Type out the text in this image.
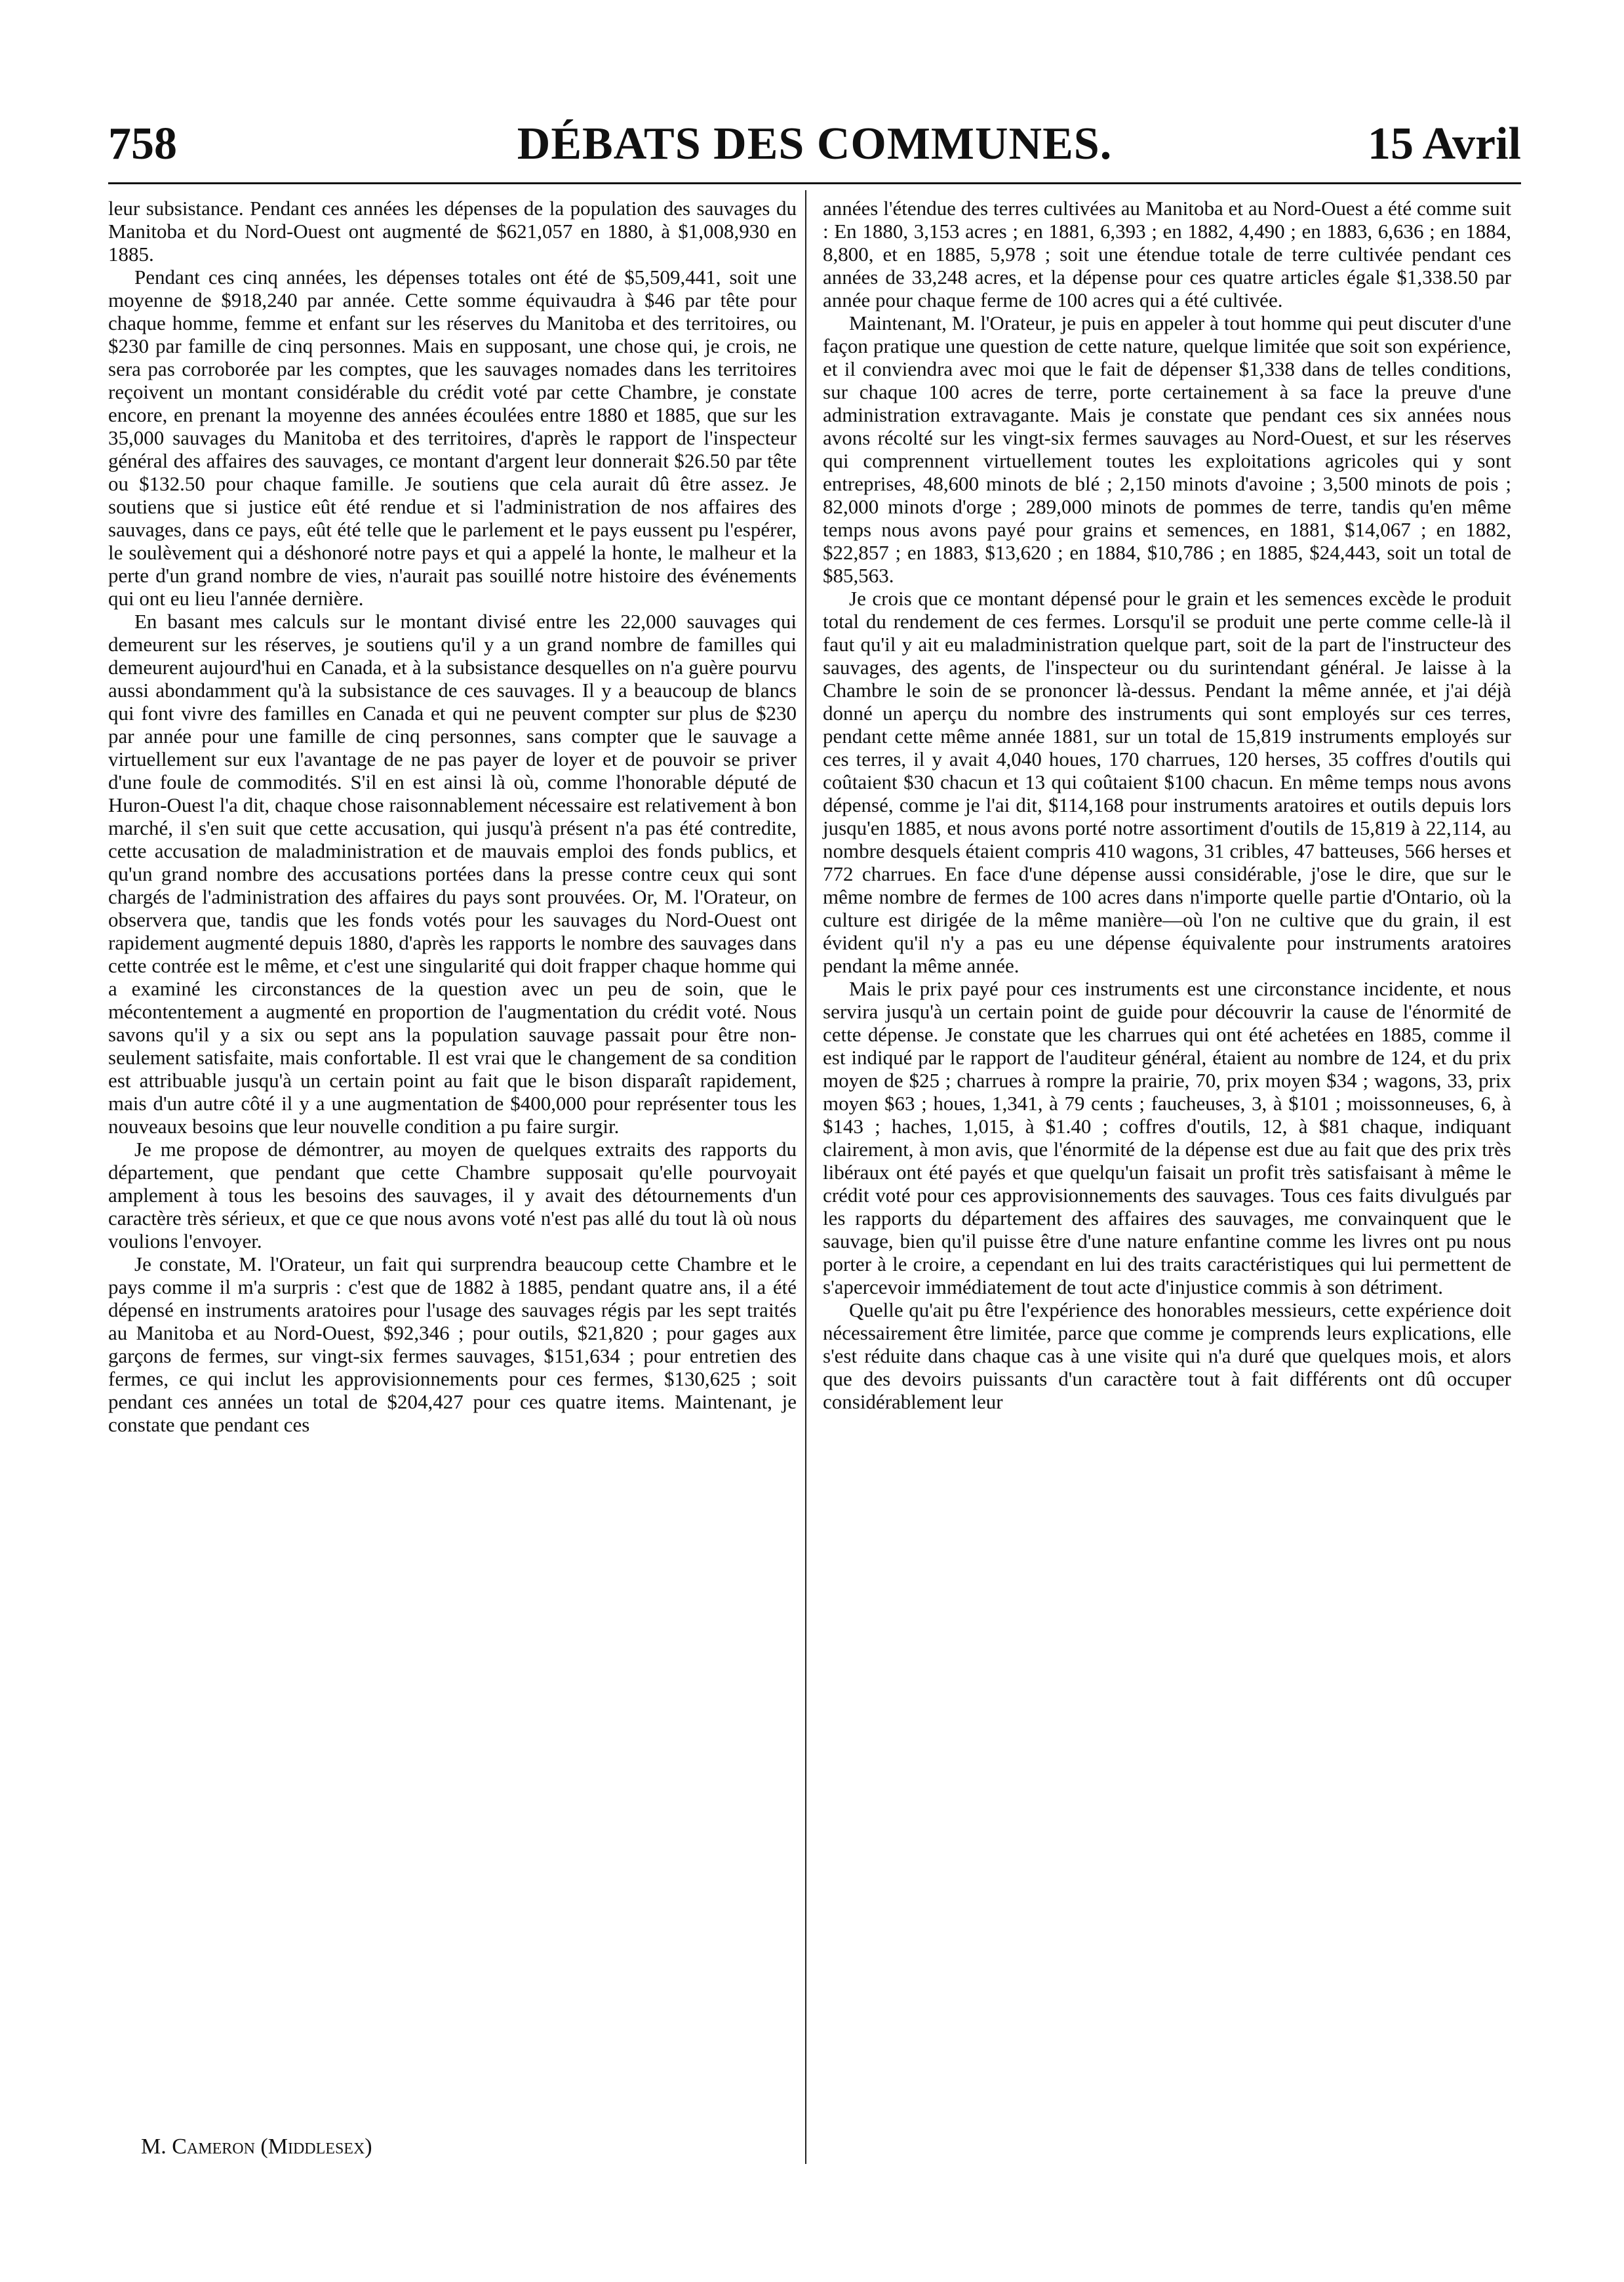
758	DÉBATS DES COMMUNES.	15 Avril

leur subsistance. Pendant ces années les dépenses de la population des sauvages du Manitoba et du Nord-Ouest ont augmenté de $621,057 en 1880, à $1,008,930 en 1885.

Pendant ces cinq années, les dépenses totales ont été de $5,509,441, soit une moyenne de $918,240 par année. Cette somme équivaudra à $46 par tête pour chaque homme, femme et enfant sur les réserves du Manitoba et des territoires, ou $230 par famille de cinq personnes. Mais en supposant, une chose qui, je crois, ne sera pas corroborée par les comptes, que les sauvages nomades dans les territoires reçoivent un montant considérable du crédit voté par cette Chambre, je constate encore, en prenant la moyenne des années écoulées entre 1880 et 1885, que sur les 35,000 sauvages du Manitoba et des territoires, d'après le rapport de l'inspecteur général des affaires des sauvages, ce montant d'argent leur donnerait $26.50 par tête ou $132.50 pour chaque famille. Je soutiens que cela aurait dû être assez. Je soutiens que si justice eût été rendue et si l'administration de nos affaires des sauvages, dans ce pays, eût été telle que le parlement et le pays eussent pu l'espérer, le soulèvement qui a déshonoré notre pays et qui a appelé la honte, le malheur et la perte d'un grand nombre de vies, n'aurait pas souillé notre histoire des événements qui ont eu lieu l'année dernière.

En basant mes calculs sur le montant divisé entre les 22,000 sauvages qui demeurent sur les réserves, je soutiens qu'il y a un grand nombre de familles qui demeurent aujourd'hui en Canada, et à la subsistance desquelles on n'a guère pourvu aussi abondamment qu'à la subsistance de ces sauvages. Il y a beaucoup de blancs qui font vivre des familles en Canada et qui ne peuvent compter sur plus de $230 par année pour une famille de cinq personnes, sans compter que le sauvage a virtuellement sur eux l'avantage de ne pas payer de loyer et de pouvoir se priver d'une foule de commodités. S'il en est ainsi là où, comme l'honorable député de Huron-Ouest l'a dit, chaque chose raisonnablement nécessaire est relativement à bon marché, il s'en suit que cette accusation, qui jusqu'à présent n'a pas été contredite, cette accusation de maladministration et de mauvais emploi des fonds publics, et qu'un grand nombre des accusations portées dans la presse contre ceux qui sont chargés de l'administration des affaires du pays sont prouvées. Or, M. l'Orateur, on observera que, tandis que les fonds votés pour les sauvages du Nord-Ouest ont rapidement augmenté depuis 1880, d'après les rapports le nombre des sauvages dans cette contrée est le même, et c'est une singularité qui doit frapper chaque homme qui a examiné les circonstances de la question avec un peu de soin, que le mécontentement a augmenté en proportion de l'augmentation du crédit voté. Nous savons qu'il y a six ou sept ans la population sauvage passait pour être non-seulement satisfaite, mais confortable. Il est vrai que le changement de sa condition est attribuable jusqu'à un certain point au fait que le bison disparaît rapidement, mais d'un autre côté il y a une augmentation de $400,000 pour représenter tous les nouveaux besoins que leur nouvelle condition a pu faire surgir.

Je me propose de démontrer, au moyen de quelques extraits des rapports du département, que pendant que cette Chambre supposait qu'elle pourvoyait amplement à tous les besoins des sauvages, il y avait des détournements d'un caractère très sérieux, et que ce que nous avons voté n'est pas allé du tout là où nous voulions l'envoyer.

Je constate, M. l'Orateur, un fait qui surprendra beaucoup cette Chambre et le pays comme il m'a surpris : c'est que de 1882 à 1885, pendant quatre ans, il a été dépensé en instruments aratoires pour l'usage des sauvages régis par les sept traités au Manitoba et au Nord-Ouest, $92,346 ; pour outils, $21,820 ; pour gages aux garçons de fermes, sur vingt-six fermes sauvages, $151,634 ; pour entretien des fermes, ce qui inclut les approvisionnements pour ces fermes, $130,625 ; soit pendant ces années un total de $204,427 pour ces quatre items. Maintenant, je constate que pendant ces

années l'étendue des terres cultivées au Manitoba et au Nord-Ouest a été comme suit : En 1880, 3,153 acres ; en 1881, 6,393 ; en 1882, 4,490 ; en 1883, 6,636 ; en 1884, 8,800, et en 1885, 5,978 ; soit une étendue totale de terre cultivée pendant ces années de 33,248 acres, et la dépense pour ces quatre articles égale $1,338.50 par année pour chaque ferme de 100 acres qui a été cultivée.

Maintenant, M. l'Orateur, je puis en appeler à tout homme qui peut discuter d'une façon pratique une question de cette nature, quelque limitée que soit son expérience, et il conviendra avec moi que le fait de dépenser $1,338 dans de telles conditions, sur chaque 100 acres de terre, porte certainement à sa face la preuve d'une administration extravagante. Mais je constate que pendant ces six années nous avons récolté sur les vingt-six fermes sauvages au Nord-Ouest, et sur les réserves qui comprennent virtuellement toutes les exploitations agricoles qui y sont entreprises, 48,600 minots de blé ; 2,150 minots d'avoine ; 3,500 minots de pois ; 82,000 minots d'orge ; 289,000 minots de pommes de terre, tandis qu'en même temps nous avons payé pour grains et semences, en 1881, $14,067 ; en 1882, $22,857 ; en 1883, $13,620 ; en 1884, $10,786 ; en 1885, $24,443, soit un total de $85,563.

Je crois que ce montant dépensé pour le grain et les semences excède le produit total du rendement de ces fermes. Lorsqu'il se produit une perte comme celle-là il faut qu'il y ait eu maladministration quelque part, soit de la part de l'instructeur des sauvages, des agents, de l'inspecteur ou du surintendant général. Je laisse à la Chambre le soin de se prononcer là-dessus. Pendant la même année, et j'ai déjà donné un aperçu du nombre des instruments qui sont employés sur ces terres, pendant cette même année 1881, sur un total de 15,819 instruments employés sur ces terres, il y avait 4,040 houes, 170 charrues, 120 herses, 35 coffres d'outils qui coûtaient $30 chacun et 13 qui coûtaient $100 chacun. En même temps nous avons dépensé, comme je l'ai dit, $114,168 pour instruments aratoires et outils depuis lors jusqu'en 1885, et nous avons porté notre assortiment d'outils de 15,819 à 22,114, au nombre desquels étaient compris 410 wagons, 31 cribles, 47 batteuses, 566 herses et 772 charrues. En face d'une dépense aussi considérable, j'ose le dire, que sur le même nombre de fermes de 100 acres dans n'importe quelle partie d'Ontario, où la culture est dirigée de la même manière—où l'on ne cultive que du grain, il est évident qu'il n'y a pas eu une dépense équivalente pour instruments aratoires pendant la même année.

Mais le prix payé pour ces instruments est une circonstance incidente, et nous servira jusqu'à un certain point de guide pour découvrir la cause de l'énormité de cette dépense. Je constate que les charrues qui ont été achetées en 1885, comme il est indiqué par le rapport de l'auditeur général, étaient au nombre de 124, et du prix moyen de $25 ; charrues à rompre la prairie, 70, prix moyen $34 ; wagons, 33, prix moyen $63 ; houes, 1,341, à 79 cents ; faucheuses, 3, à $101 ; moissonneuses, 6, à $143 ; haches, 1,015, à $1.40 ; coffres d'outils, 12, à $81 chaque, indiquant clairement, à mon avis, que l'énormité de la dépense est due au fait que des prix très libéraux ont été payés et que quelqu'un faisait un profit très satisfaisant à même le crédit voté pour ces approvisionnements des sauvages. Tous ces faits divulgués par les rapports du département des affaires des sauvages, me convainquent que le sauvage, bien qu'il puisse être d'une nature enfantine comme les livres ont pu nous porter à le croire, a cependant en lui des traits caractéristiques qui lui permettent de s'apercevoir immédiatement de tout acte d'injustice commis à son détriment.

Quelle qu'ait pu être l'expérience des honorables messieurs, cette expérience doit nécessairement être limitée, parce que comme je comprends leurs explications, elle s'est réduite dans chaque cas à une visite qui n'a duré que quelques mois, et alors que des devoirs puissants d'un caractère tout à fait différents ont dû occuper considérablement leur

M. Cameron (Middlesex)
